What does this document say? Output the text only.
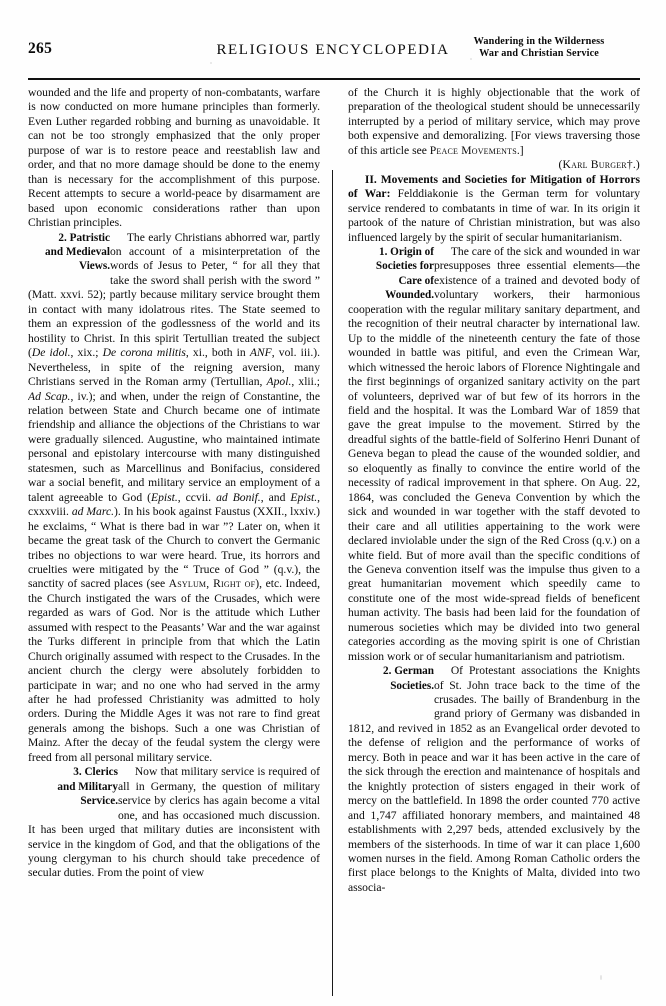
265	RELIGIOUS ENCYCLOPEDIA
Wandering in the Wilderness
War and Christian Service

wounded and the life and property of non-combatants, warfare is now conducted on more humane principles than formerly. Even Luther regarded robbing and burning as unavoidable. It can not be too strongly emphasized that the only proper purpose of war is to restore peace and reestablish law and order, and that no more damage should be done to the enemy than is necessary for the accomplishment of this purpose. Recent attempts to secure a world-peace by disarmament are based upon economic considerations rather than upon Christian principles.

2. Patristic
and Medieval
Views.

The early Christians abhorred war, partly on account of a misinterpretation of the words of Jesus to Peter, “ for all they that take the sword shall perish with the sword ” (Matt. xxvi. 52); partly because military service brought them in contact with many idolatrous rites. The State seemed to them an expression of the godlessness of the world and its hostility to Christ. In this spirit Tertullian treated the subject (De idol., xix.; De corona militis, xi., both in ANF, vol. iii.). Nevertheless, in spite of the reigning aversion, many Christians served in the Roman army (Tertullian, Apol., xlii.; Ad Scap., iv.); and when, under the reign of Constantine, the relation between State and Church became one of intimate friendship and alliance the objections of the Christians to war were gradually silenced. Augustine, who maintained intimate personal and epistolary intercourse with many distinguished statesmen, such as Marcellinus and Bonifacius, considered war a social benefit, and military service an employment of a talent agreeable to God (Epist., ccvii. ad Bonif., and Epist., cxxxviii. ad Marc.). In his book against Faustus (XXII., lxxiv.) he exclaims, “ What is there bad in war ”? Later on, when it became the great task of the Church to convert the Germanic tribes no objections to war were heard. True, its horrors and cruelties were mitigated by the “ Truce of God ” (q.v.), the sanctity of sacred places (see Asylum, Right of), etc. Indeed, the Church instigated the wars of the Crusades, which were regarded as wars of God. Nor is the attitude which Luther assumed with respect to the Peasants’ War and the war against the Turks different in principle from that which the Latin Church originally assumed with respect to the Crusades. In the ancient church the clergy were absolutely forbidden to participate in war; and no one who had served in the army after he had professed Christianity was admitted to holy orders. During the Middle Ages it was not rare to find great generals among the bishops. Such a one was Christian of Mainz. After the decay of the feudal system the clergy were freed from all personal military service.

3. Clerics
and Military
Service.

Now that military service is required of all in Germany, the question of military service by clerics has again become a vital one, and has occasioned much discussion. It has been urged that military duties are inconsistent with service in the kingdom of God, and that the obligations of the young clergyman to his church should take precedence of secular duties. From the point of view

of the Church it is highly objectionable that the work of preparation of the theological student should be unnecessarily interrupted by a period of military service, which may prove both expensive and demoralizing. [For views traversing those of this article see Peace Movements.]

(Karl Burger†.)

II. Movements and Societies for Mitigation of Horrors of War: Felddiakonie is the German term for voluntary service rendered to combatants in time of war. In its origin it partook of the nature of Christian ministration, but was also influenced largely by the spirit of secular humanitarianism.

1. Origin of
Societies for
Care of
Wounded.

The care of the sick and wounded in war presupposes three essential elements—the existence of a trained and devoted body of voluntary workers, their harmonious cooperation with the regular military sanitary department, and the recognition of their neutral character by international law. Up to the middle of the nineteenth century the fate of those wounded in battle was pitiful, and even the Crimean War, which witnessed the heroic labors of Florence Nightingale and the first beginnings of organized sanitary activity on the part of volunteers, deprived war of but few of its horrors in the field and the hospital. It was the Lombard War of 1859 that gave the great impulse to the movement. Stirred by the dreadful sights of the battle-field of Solferino Henri Dunant of Geneva began to plead the cause of the wounded soldier, and so eloquently as finally to convince the entire world of the necessity of radical improvement in that sphere. On Aug. 22, 1864, was concluded the Geneva Convention by which the sick and wounded in war together with the staff devoted to their care and all utilities appertaining to the work were declared inviolable under the sign of the Red Cross (q.v.) on a white field. But of more avail than the specific conditions of the Geneva convention itself was the impulse thus given to a great humanitarian movement which speedily came to constitute one of the most wide-spread fields of beneficent human activity. The basis had been laid for the foundation of numerous societies which may be divided into two general categories according as the moving spirit is one of Christian mission work or of secular humanitarianism and patriotism.

2. German
Societies.

Of Protestant associations the Knights of St. John trace back to the time of the crusades. The bailly of Brandenburg in the grand priory of Germany was disbanded in 1812, and revived in 1852 as an Evangelical order devoted to the defense of religion and the performance of works of mercy. Both in peace and war it has been active in the care of the sick through the erection and maintenance of hospitals and the knightly protection of sisters engaged in their work of mercy on the battlefield. In 1898 the order counted 770 active and 1,747 affiliated honorary members, and maintained 48 establishments with 2,297 beds, attended exclusively by the members of the sisterhoods. In time of war it can place 1,600 women nurses in the field. Among Roman Catholic orders the first place belongs to the Knights of Malta, divided into two associa-
